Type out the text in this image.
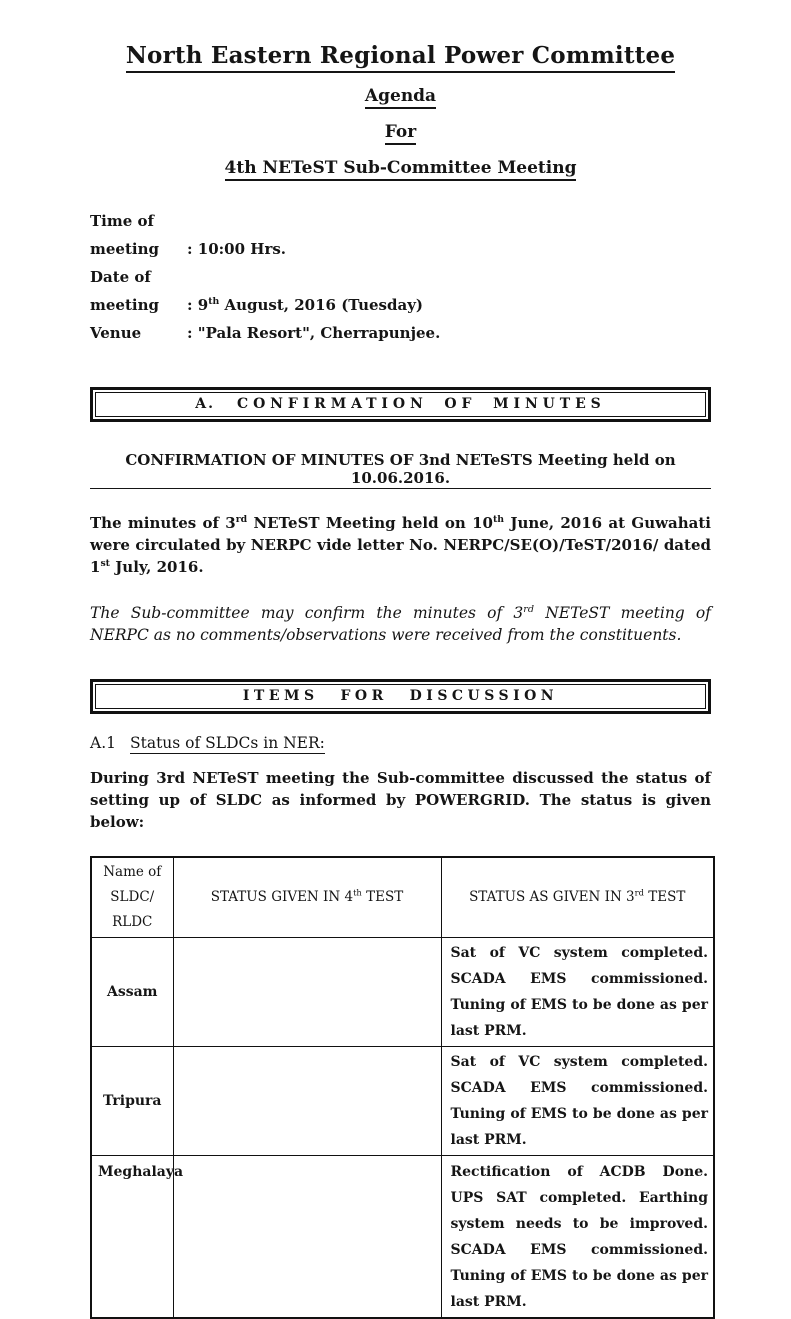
North Eastern Regional Power Committee
Agenda
For
4th NETeST Sub-Committee Meeting
Time of meeting : 10:00 Hrs.
Date of meeting : 9th August, 2016 (Tuesday)
Venue	: "Pala Resort", Cherrapunjee.
A. CONFIRMATION OF MINUTES
CONFIRMATION OF MINUTES OF 3nd NETeSTS Meeting held on 10.06.2016.

The minutes of 3rd NETeST Meeting held on 10th June, 2016 at Guwahati were circulated by NERPC vide letter No. NERPC/SE(O)/TeST/2016/ dated 1st July, 2016.

The Sub-committee may confirm the minutes of 3rd NETeST meeting of NERPC as no comments/observations were received from the constituents.

ITEMS FOR DISCUSSION
A.1 Status of SLDCs in NER:

During 3rd NETeST meeting the Sub-committee discussed the status of setting up of SLDC as informed by POWERGRID. The status is given below:

Name of SLDC/ RLDC	STATUS GIVEN IN 4th TEST	STATUS AS GIVEN IN 3rd TEST
Assam		Sat of VC system completed. SCADA EMS commissioned. Tuning of EMS to be done as per last PRM.
Tripura		Sat of VC system completed. SCADA EMS commissioned. Tuning of EMS to be done as per last PRM.
Meghalaya		Rectification of ACDB Done. UPS SAT completed. Earthing system needs to be improved. SCADA EMS commissioned. Tuning of EMS to be done as per last PRM.
